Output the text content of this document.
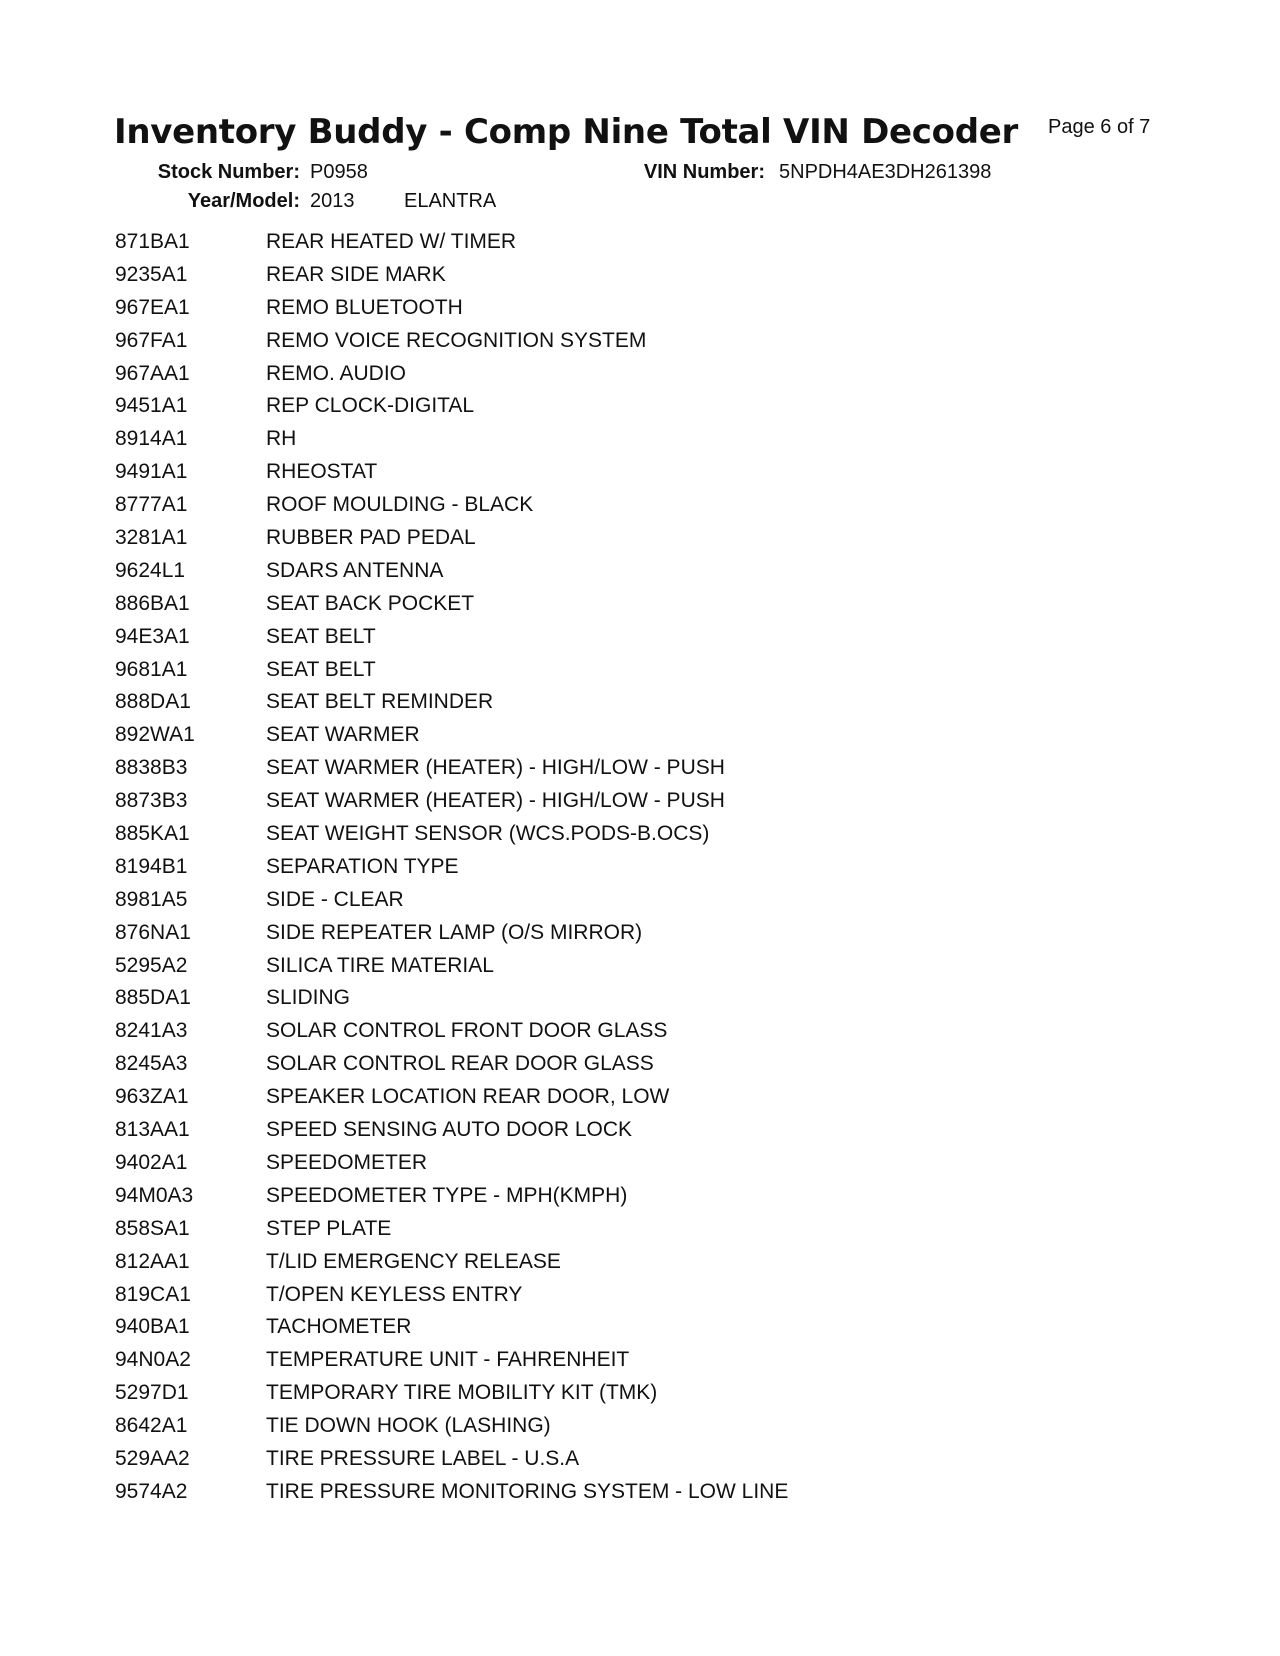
Inventory Buddy - Comp Nine Total VIN Decoder Page 6 of 7
Stock Number: P0958
Year/Model: 2013 ELANTRA
VIN Number: 5NPDH4AE3DH261398
871BA1	REAR HEATED W/ TIMER
9235A1	REAR SIDE MARK
967EA1	REMO BLUETOOTH
967FA1	REMO VOICE RECOGNITION SYSTEM
967AA1	REMO. AUDIO
9451A1	REP CLOCK-DIGITAL
8914A1	RH
9491A1	RHEOSTAT
8777A1	ROOF MOULDING - BLACK
3281A1	RUBBER PAD PEDAL
9624L1	SDARS ANTENNA
886BA1	SEAT BACK POCKET
94E3A1	SEAT BELT
9681A1	SEAT BELT
888DA1	SEAT BELT REMINDER
892WA1	SEAT WARMER
8838B3	SEAT WARMER (HEATER) - HIGH/LOW - PUSH
8873B3	SEAT WARMER (HEATER) - HIGH/LOW - PUSH
885KA1	SEAT WEIGHT SENSOR (WCS.PODS-B.OCS)
8194B1	SEPARATION TYPE
8981A5	SIDE - CLEAR
876NA1	SIDE REPEATER LAMP (O/S MIRROR)
5295A2	SILICA TIRE MATERIAL
885DA1	SLIDING
8241A3	SOLAR CONTROL FRONT DOOR GLASS
8245A3	SOLAR CONTROL REAR DOOR GLASS
963ZA1	SPEAKER LOCATION REAR DOOR, LOW
813AA1	SPEED SENSING AUTO DOOR LOCK
9402A1	SPEEDOMETER
94M0A3	SPEEDOMETER TYPE - MPH(KMPH)
858SA1	STEP PLATE
812AA1	T/LID EMERGENCY RELEASE
819CA1	T/OPEN KEYLESS ENTRY
940BA1	TACHOMETER
94N0A2	TEMPERATURE UNIT - FAHRENHEIT
5297D1	TEMPORARY TIRE MOBILITY KIT (TMK)
8642A1	TIE DOWN HOOK (LASHING)
529AA2	TIRE PRESSURE LABEL - U.S.A
9574A2	TIRE PRESSURE MONITORING SYSTEM - LOW LINE
